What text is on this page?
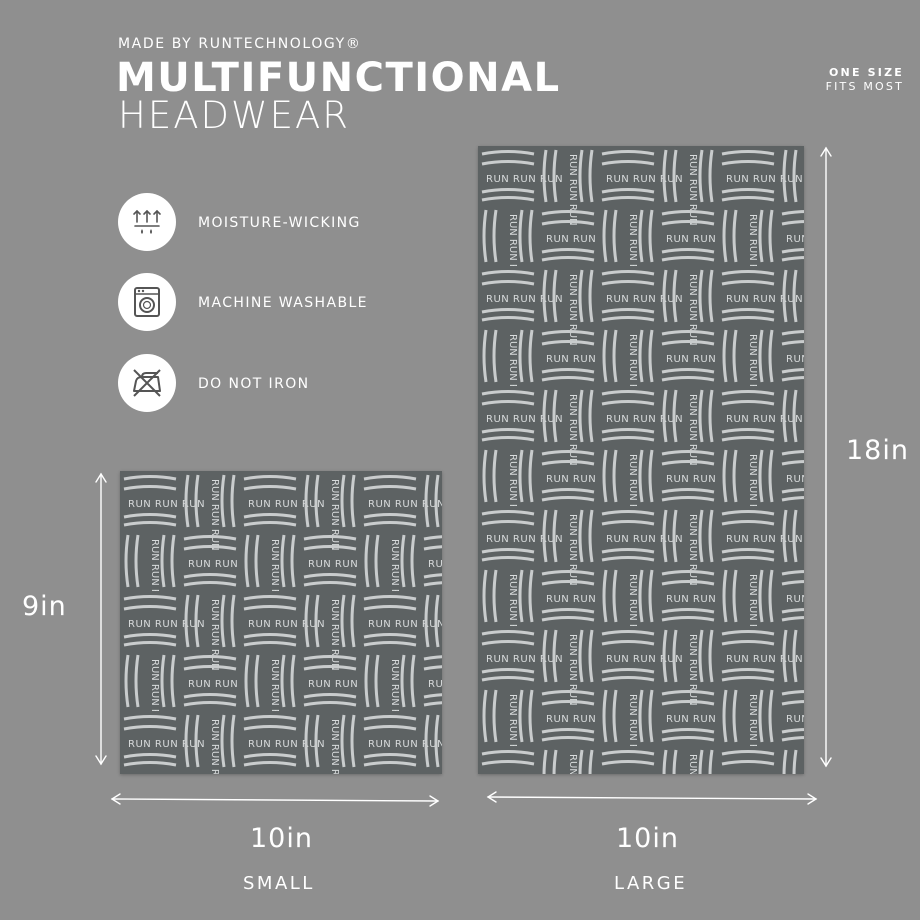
MADE BY RUNTECHNOLOGY®
MULTIFUNCTIONAL
HEADWEAR
ONE SIZE
FITS MOST
MOISTURE-WICKING
MACHINE WASHABLE
DO NOT IRON
9in
18in
10in	10in
SMALL	LARGE
